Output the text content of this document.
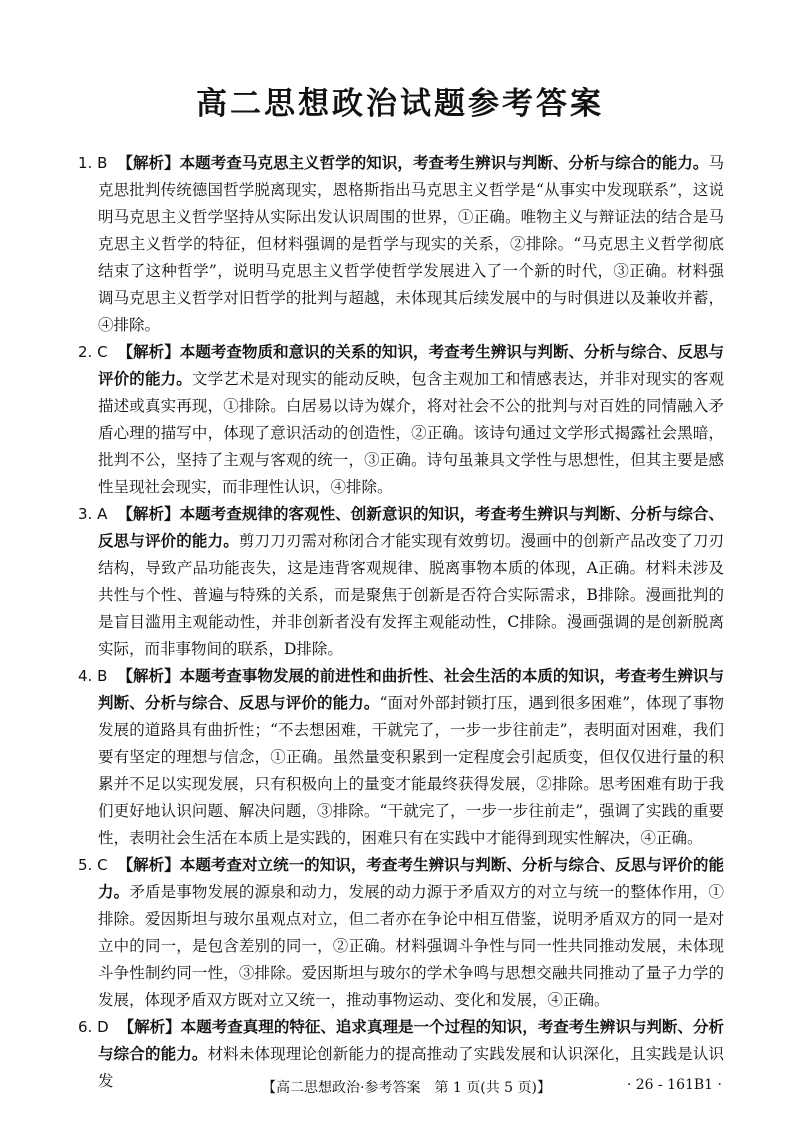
高二思想政治试题参考答案

1. B 【解析】本题考查马克思主义哲学的知识，考查考生辨识与判断、分析与综合的能力。马克思批判传统德国哲学脱离现实，恩格斯指出马克思主义哲学是“从事实中发现联系”，这说明马克思主义哲学坚持从实际出发认识周围的世界，①正确。唯物主义与辩证法的结合是马克思主义哲学的特征，但材料强调的是哲学与现实的关系，②排除。“马克思主义哲学彻底结束了这种哲学”，说明马克思主义哲学使哲学发展进入了一个新的时代，③正确。材料强调马克思主义哲学对旧哲学的批判与超越，未体现其后续发展中的与时俱进以及兼收并蓄，④排除。

2. C 【解析】本题考查物质和意识的关系的知识，考查考生辨识与判断、分析与综合、反思与评价的能力。文学艺术是对现实的能动反映，包含主观加工和情感表达，并非对现实的客观描述或真实再现，①排除。白居易以诗为媒介，将对社会不公的批判与对百姓的同情融入矛盾心理的描写中，体现了意识活动的创造性，②正确。该诗句通过文学形式揭露社会黑暗，批判不公，坚持了主观与客观的统一，③正确。诗句虽兼具文学性与思想性，但其主要是感性呈现社会现实，而非理性认识，④排除。

3. A 【解析】本题考查规律的客观性、创新意识的知识，考查考生辨识与判断、分析与综合、反思与评价的能力。剪刀刀刃需对称闭合才能实现有效剪切。漫画中的创新产品改变了刀刃结构，导致产品功能丧失，这是违背客观规律、脱离事物本质的体现，A正确。材料未涉及共性与个性、普遍与特殊的关系，而是聚焦于创新是否符合实际需求，B排除。漫画批判的是盲目滥用主观能动性，并非创新者没有发挥主观能动性，C排除。漫画强调的是创新脱离实际，而非事物间的联系，D排除。

4. B 【解析】本题考查事物发展的前进性和曲折性、社会生活的本质的知识，考查考生辨识与判断、分析与综合、反思与评价的能力。“面对外部封锁打压，遇到很多困难”，体现了事物发展的道路具有曲折性；“不去想困难，干就完了，一步一步往前走”，表明面对困难，我们要有坚定的理想与信念，①正确。虽然量变积累到一定程度会引起质变，但仅仅进行量的积累并不足以实现发展，只有积极向上的量变才能最终获得发展，②排除。思考困难有助于我们更好地认识问题、解决问题，③排除。“干就完了，一步一步往前走”，强调了实践的重要性，表明社会生活在本质上是实践的，困难只有在实践中才能得到现实性解决，④正确。

5. C 【解析】本题考查对立统一的知识，考查考生辨识与判断、分析与综合、反思与评价的能力。矛盾是事物发展的源泉和动力，发展的动力源于矛盾双方的对立与统一的整体作用，①排除。爱因斯坦与玻尔虽观点对立，但二者亦在争论中相互借鉴，说明矛盾双方的同一是对立中的同一，是包含差别的同一，②正确。材料强调斗争性与同一性共同推动发展，未体现斗争性制约同一性，③排除。爱因斯坦与玻尔的学术争鸣与思想交融共同推动了量子力学的发展，体现矛盾双方既对立又统一，推动事物运动、变化和发展，④正确。

6. D 【解析】本题考查真理的特征、追求真理是一个过程的知识，考查考生辨识与判断、分析与综合的能力。材料未体现理论创新能力的提高推动了实践发展和认识深化，且实践是认识发	【高二思想政治·参考答案　第 1 页(共 5 页)】	· 26 - 161B1 ·
